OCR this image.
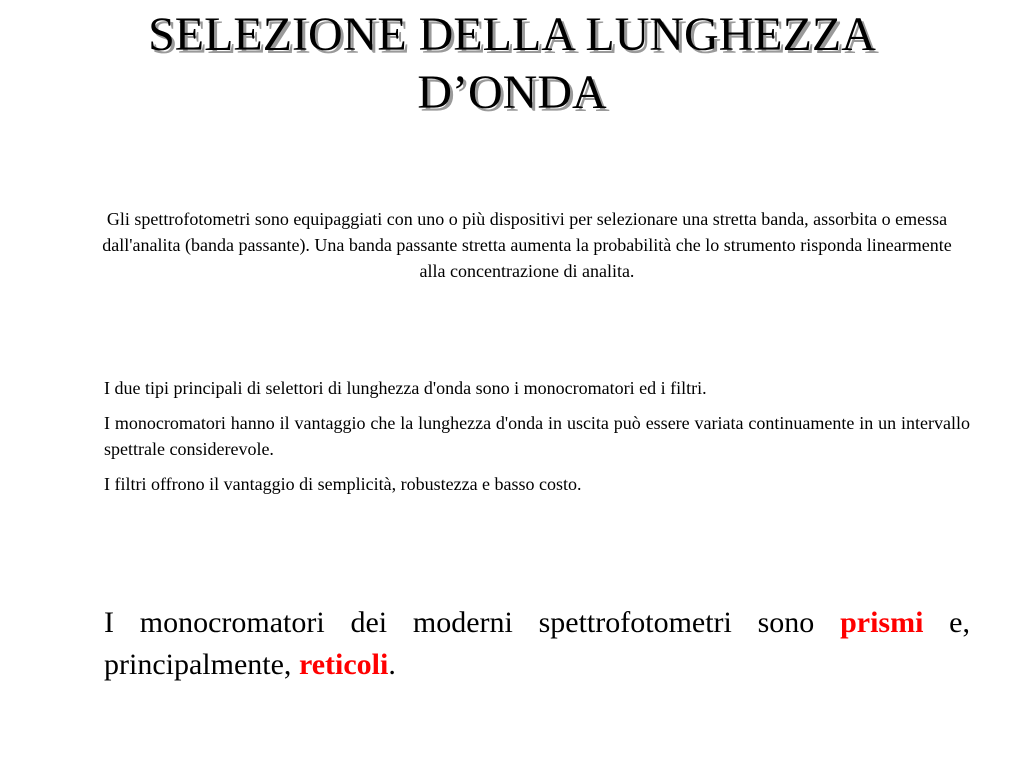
SELEZIONE DELLA LUNGHEZZA
D’ONDA

Gli spettrofotometri sono equipaggiati con uno o più dispositivi per selezionare una stretta banda, assorbita o emessa dall'analita (banda passante). Una banda passante stretta aumenta la probabilità che lo strumento risponda linearmente alla concentrazione di analita.

I due tipi principali di selettori di lunghezza d'onda sono i monocromatori ed i filtri.

I monocromatori hanno il vantaggio che la lunghezza d'onda in uscita può essere variata continuamente in un intervallo spettrale considerevole.

I filtri offrono il vantaggio di semplicità, robustezza e basso costo.

I monocromatori dei moderni spettrofotometri sono prismi e, principalmente, reticoli.
